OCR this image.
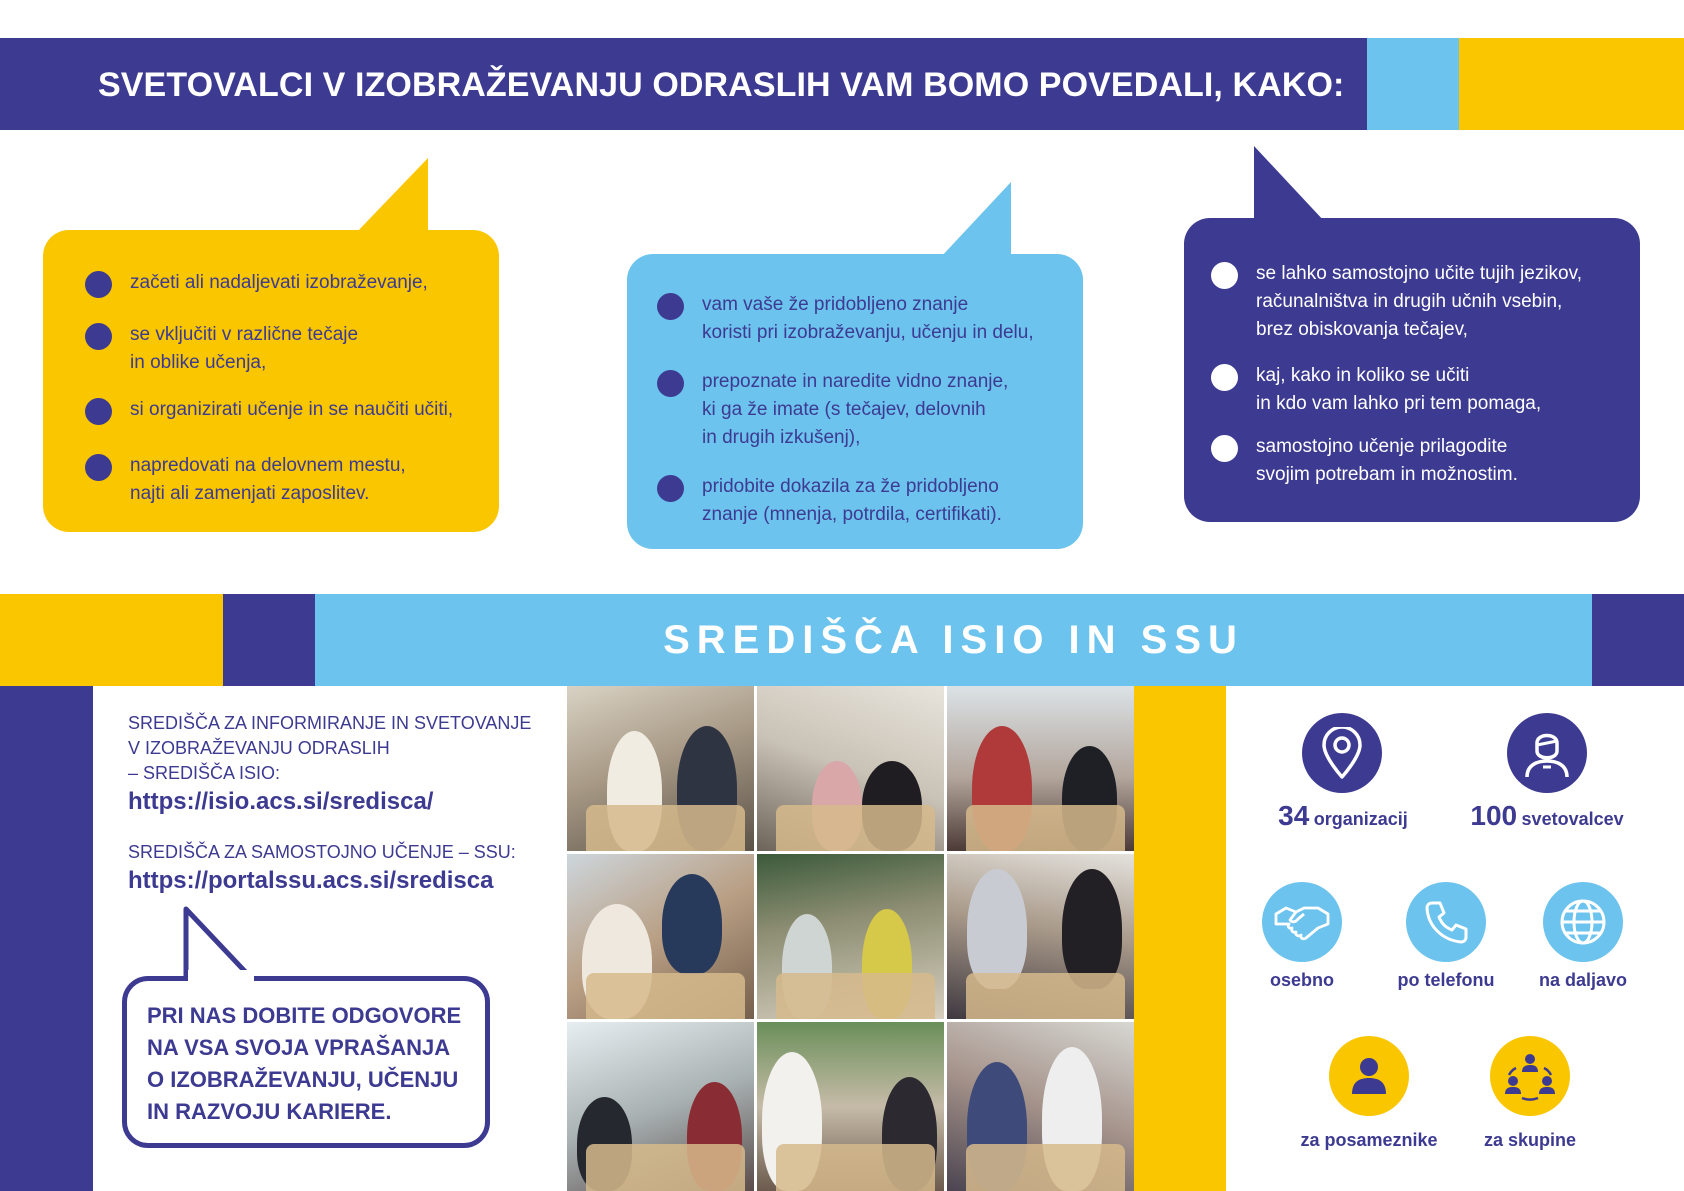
SVETOVALCI V IZOBRAŽEVANJU ODRASLIH VAM BOMO POVEDALI, KAKO:
začeti ali nadaljevati izobraževanje,
se vključiti v različne tečaje
in oblike učenja,
si organizirati učenje in se naučiti učiti,
napredovati na delovnem mestu,
najti ali zamenjati zaposlitev.
vam vaše že pridobljeno znanje
koristi pri izobraževanju, učenju in delu,
prepoznate in naredite vidno znanje,
ki ga že imate (s tečajev, delovnih
in drugih izkušenj),
pridobite dokazila za že pridobljeno
znanje (mnenja, potrdila, certifikati).
se lahko samostojno učite tujih jezikov,
računalništva in drugih učnih vsebin,
brez obiskovanja tečajev,
kaj, kako in koliko se učiti
in kdo vam lahko pri tem pomaga,
samostojno učenje prilagodite
svojim potrebam in možnostim.
SREDIŠČA ISIO IN SSU
SREDIŠČA ZA INFORMIRANJE IN SVETOVANJE
V IZOBRAŽEVANJU ODRASLIH
– SREDIŠČA ISIO:
https://isio.acs.si/sredisca/
SREDIŠČA ZA SAMOSTOJNO UČENJE – SSU:
https://portalssu.acs.si/sredisca
PRI NAS DOBITE ODGOVORE
NA VSA SVOJA VPRAŠANJA
O IZOBRAŽEVANJU, UČENJU
IN RAZVOJU KARIERE.
34 organizacij	100 svetovalcev
osebno	po telefonu	na daljavo
za posameznike	za skupine
